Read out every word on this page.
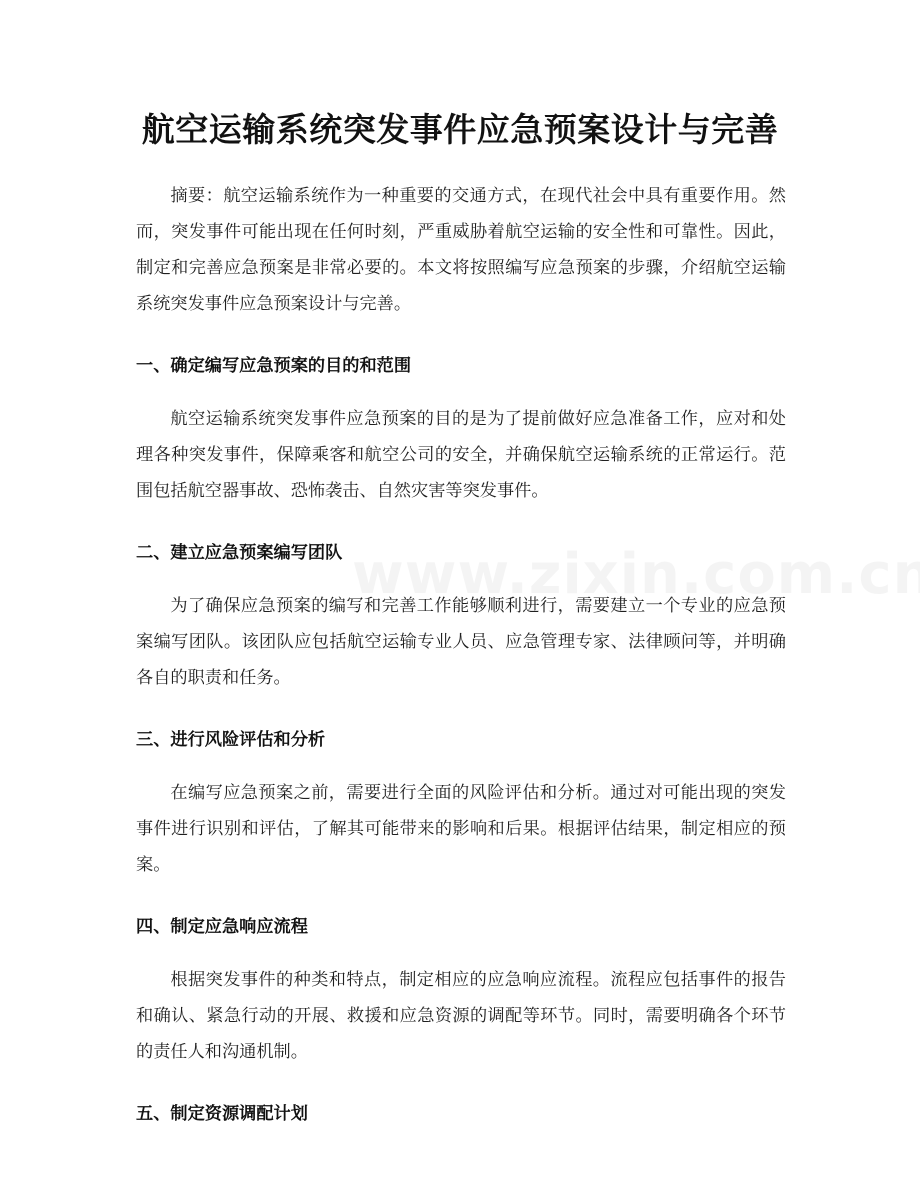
航空运输系统突发事件应急预案设计与完善

摘要：航空运输系统作为一种重要的交通方式，在现代社会中具有重要作用。然而，突发事件可能出现在任何时刻，严重威胁着航空运输的安全性和可靠性。因此，制定和完善应急预案是非常必要的。本文将按照编写应急预案的步骤，介绍航空运输系统突发事件应急预案设计与完善。

一、确定编写应急预案的目的和范围

航空运输系统突发事件应急预案的目的是为了提前做好应急准备工作，应对和处理各种突发事件，保障乘客和航空公司的安全，并确保航空运输系统的正常运行。范围包括航空器事故、恐怖袭击、自然灾害等突发事件。

二、建立应急预案编写团队

为了确保应急预案的编写和完善工作能够顺利进行，需要建立一个专业的应急预案编写团队。该团队应包括航空运输专业人员、应急管理专家、法律顾问等，并明确各自的职责和任务。

三、进行风险评估和分析

在编写应急预案之前，需要进行全面的风险评估和分析。通过对可能出现的突发事件进行识别和评估，了解其可能带来的影响和后果。根据评估结果，制定相应的预案。

四、制定应急响应流程

根据突发事件的种类和特点，制定相应的应急响应流程。流程应包括事件的报告和确认、紧急行动的开展、救援和应急资源的调配等环节。同时，需要明确各个环节的责任人和沟通机制。

五、制定资源调配计划
